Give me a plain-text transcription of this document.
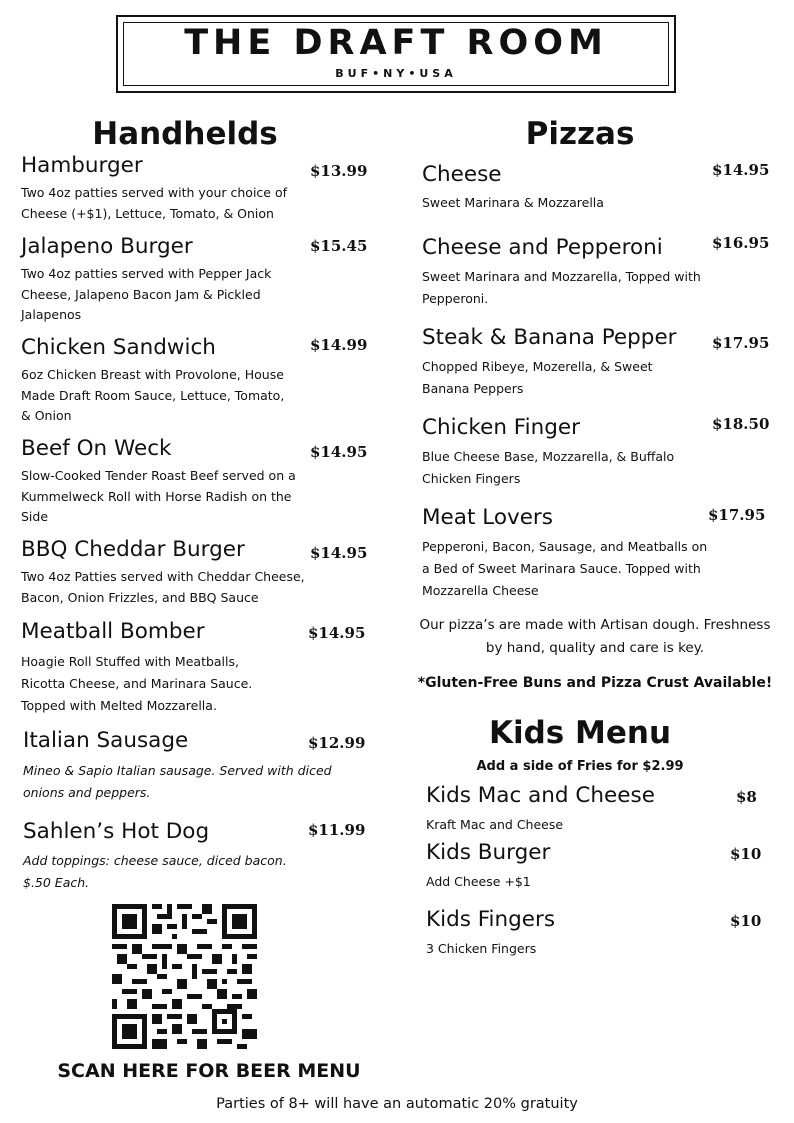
THE DRAFT ROOM
BUF•NY•USA
Handhelds
Hamburger	$13.99
Two 4oz patties served with your choice of Cheese (+$1), Lettuce, Tomato, & Onion
Jalapeno Burger	$15.45
Two 4oz patties served with Pepper Jack Cheese, Jalapeno Bacon Jam & Pickled Jalapenos
Chicken Sandwich	$14.99
6oz Chicken Breast with Provolone, House Made Draft Room Sauce, Lettuce, Tomato, & Onion
Beef On Weck	$14.95
Slow-Cooked Tender Roast Beef served on a Kummelweck Roll with Horse Radish on the Side
BBQ Cheddar Burger	$14.95
Two 4oz Patties served with Cheddar Cheese, Bacon, Onion Frizzles, and BBQ Sauce
Meatball Bomber	$14.95
Hoagie Roll Stuffed with Meatballs, Ricotta Cheese, and Marinara Sauce. Topped with Melted Mozzarella.
Italian Sausage	$12.99
Mineo & Sapio Italian sausage. Served with diced onions and peppers.
Sahlen’s Hot Dog	$11.99
Add toppings: cheese sauce, diced bacon. $.50 Each.
SCAN HERE FOR BEER MENU
Pizzas
Cheese	$14.95
Sweet Marinara & Mozzarella
Cheese and Pepperoni	$16.95
Sweet Marinara and Mozzarella, Topped with Pepperoni.
Steak & Banana Pepper $17.95
Chopped Ribeye, Mozerella, & Sweet Banana Peppers
Chicken Finger	$18.50
Blue Cheese Base, Mozzarella, & Buffalo Chicken Fingers
Meat Lovers	$17.95
Pepperoni, Bacon, Sausage, and Meatballs on a Bed of Sweet Marinara Sauce. Topped with Mozzarella Cheese
Our pizza’s are made with Artisan dough. Freshness by hand, quality and care is key.
*Gluten-Free Buns and Pizza Crust Available!
Kids Menu
Add a side of Fries for $2.99
Kids Mac and Cheese	$8
Kraft Mac and Cheese
Kids Burger	$10
Add Cheese +$1
Kids Fingers	$10
3 Chicken Fingers
Parties of 8+ will have an automatic 20% gratuity
